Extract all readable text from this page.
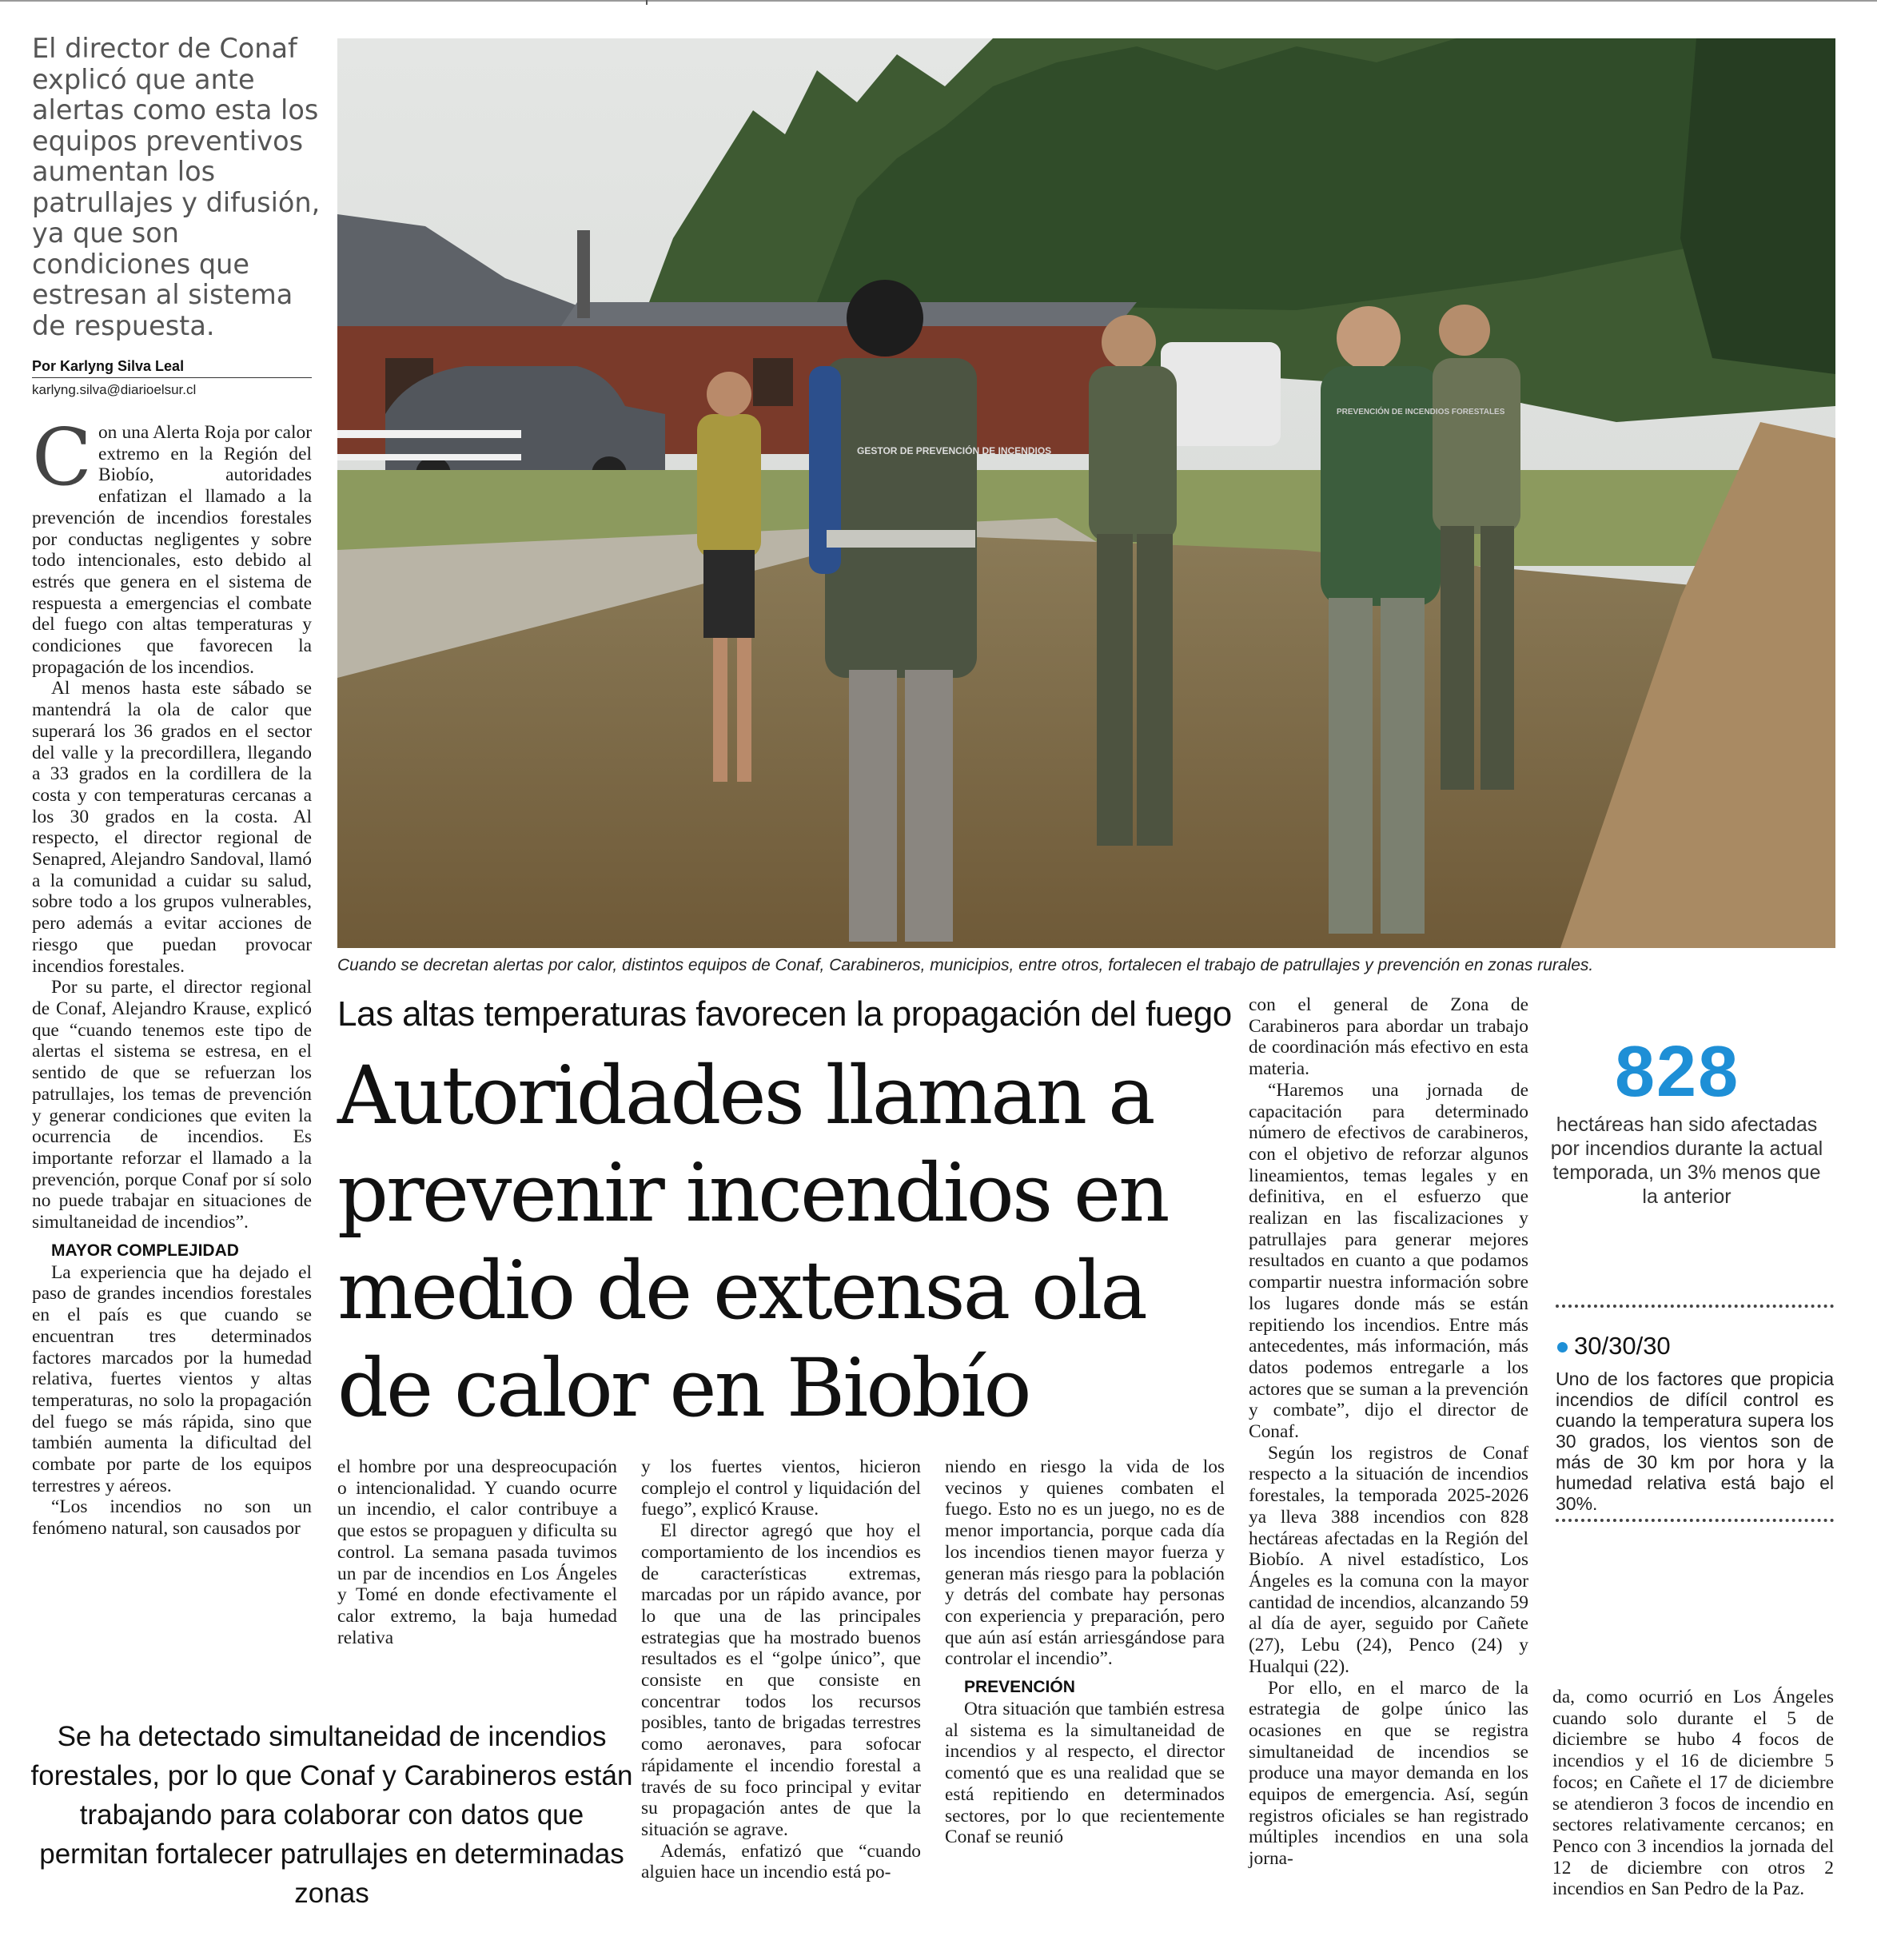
El director de Conaf explicó que ante alertas como esta los equipos preventivos aumentan los patrullajes y difusión, ya que son condiciones que estresan al sistema de respuesta.
Por Karlyng Silva Leal
karlyng.silva@diarioelsur.cl

Con una Alerta Roja por calor extremo en la Región del Biobío, autoridades enfatizan el llamado a la prevención de incendios forestales por conductas negligentes y sobre todo intencionales, esto debido al estrés que genera en el sistema de respuesta a emergencias el combate del fuego con altas temperaturas y condiciones que favorecen la propagación de los incendios.

Al menos hasta este sábado se mantendrá la ola de calor que superará los 36 grados en el sector del valle y la precordillera, llegando a 33 grados en la cordillera de la costa y con temperaturas cercanas a los 30 grados en la costa. Al respecto, el director regional de Senapred, Alejandro Sandoval, llamó a la comunidad a cuidar su salud, sobre todo a los grupos vulnerables, pero además a evitar acciones de riesgo que puedan provocar incendios forestales.

Por su parte, el director regional de Conaf, Alejandro Krause, explicó que “cuando tenemos este tipo de alertas el sistema se estresa, en el sentido de que se refuerzan los patrullajes, los temas de prevención y generar condiciones que eviten la ocurrencia de incendios. Es importante reforzar el llamado a la prevención, porque Conaf por sí solo no puede trabajar en situaciones de simultaneidad de incendios”.

MAYOR COMPLEJIDAD

La experiencia que ha dejado el paso de grandes incendios forestales en el país es que cuando se encuentran tres determinados factores marcados por la humedad relativa, fuertes vientos y altas temperaturas, no solo la propagación del fuego se más rápida, sino que también aumenta la dificultad del combate por parte de los equipos terrestres y aéreos.

“Los incendios no son un fenómeno natural, son causados por

GESTOR DE PREVENCIÓN DE INCENDIOS
PREVENCIÓN DE INCENDIOS FORESTALES
Cuando se decretan alertas por calor, distintos equipos de Conaf, Carabineros, municipios, entre otros, fortalecen el trabajo de patrullajes y prevención en zonas rurales.
Las altas temperaturas favorecen la propagación del fuego
Autoridades llaman a prevenir incendios en medio de extensa ola de calor en Biobío

el hombre por una despreocupación o intencionalidad. Y cuando ocurre un incendio, el calor contribuye a que estos se propaguen y dificulta su control. La semana pasada tuvimos un par de incendios en Los Ángeles y Tomé en donde efectivamente el calor extremo, la baja humedad relativa

y los fuertes vientos, hicieron complejo el control y liquidación del fuego”, explicó Krause.

El director agregó que hoy el comportamiento de los incendios es de características extremas, marcadas por un rápido avance, por lo que una de las principales estrategias que ha mostrado buenos resultados es el “golpe único”, que consiste en que consiste en concentrar todos los recursos posibles, tanto de brigadas terrestres como aeronaves, para sofocar rápidamente el incendio forestal a través de su foco principal y evitar su propagación antes de que la situación se agrave.

Además, enfatizó que “cuando alguien hace un incendio está po-

niendo en riesgo la vida de los vecinos y quienes combaten el fuego. Esto no es un juego, no es de menor importancia, porque cada día los incendios tienen mayor fuerza y generan más riesgo para la población y detrás del combate hay personas con experiencia y preparación, pero que aún así están arriesgándose para controlar el incendio”.

PREVENCIÓN

Otra situación que también estresa al sistema es la simultaneidad de incendios y al respecto, el director comentó que es una realidad que se está repitiendo en determinados sectores, por lo que recientemente Conaf se reunió

con el general de Zona de Carabineros para abordar un trabajo de coordinación más efectivo en esta materia.

“Haremos una jornada de capacitación para determinado número de efectivos de carabineros, con el objetivo de reforzar algunos lineamientos, temas legales y en definitiva, en el esfuerzo que realizan en las fiscalizaciones y patrullajes para generar mejores resultados en cuanto a que podamos compartir nuestra información sobre los lugares donde más se están repitiendo los incendios. Entre más antecedentes, más información, más datos podemos entregarle a los actores que se suman a la prevención y combate”, dijo el director de Conaf.

Según los registros de Conaf respecto a la situación de incendios forestales, la temporada 2025-2026 ya lleva 388 incendios con 828 hectáreas afectadas en la Región del Biobío. A nivel estadístico, Los Ángeles es la comuna con la mayor cantidad de incendios, alcanzando 59 al día de ayer, seguido por Cañete (27), Lebu (24), Penco (24) y Hualqui (22).

Por ello, en el marco de la estrategia de golpe único las ocasiones en que se registra simultaneidad de incendios se produce una mayor demanda en los equipos de emergencia. Así, según registros oficiales se han registrado múltiples incendios en una sola jorna-

da, como ocurrió en Los Ángeles cuando solo durante el 5 de diciembre se hubo 4 focos de incendios y el 16 de diciembre 5 focos; en Cañete el 17 de diciembre se atendieron 3 focos de incendio en sectores relativamente cercanos; en Penco con 3 incendios la jornada del 12 de diciembre con otros 2 incendios en San Pedro de la Paz.

Se ha detectado simultaneidad de incendios forestales, por lo que Conaf y Carabineros están trabajando para colaborar con datos que permitan fortalecer patrullajes en determinadas zonas
828
hectáreas han sido afectadas por incendios durante la actual temporada, un 3% menos que la anterior
30/30/30
Uno de los factores que propicia incendios de difícil control es cuando la temperatura supera los 30 grados, los vientos son de más de 30 km por hora y la humedad relativa está bajo el 30%.
